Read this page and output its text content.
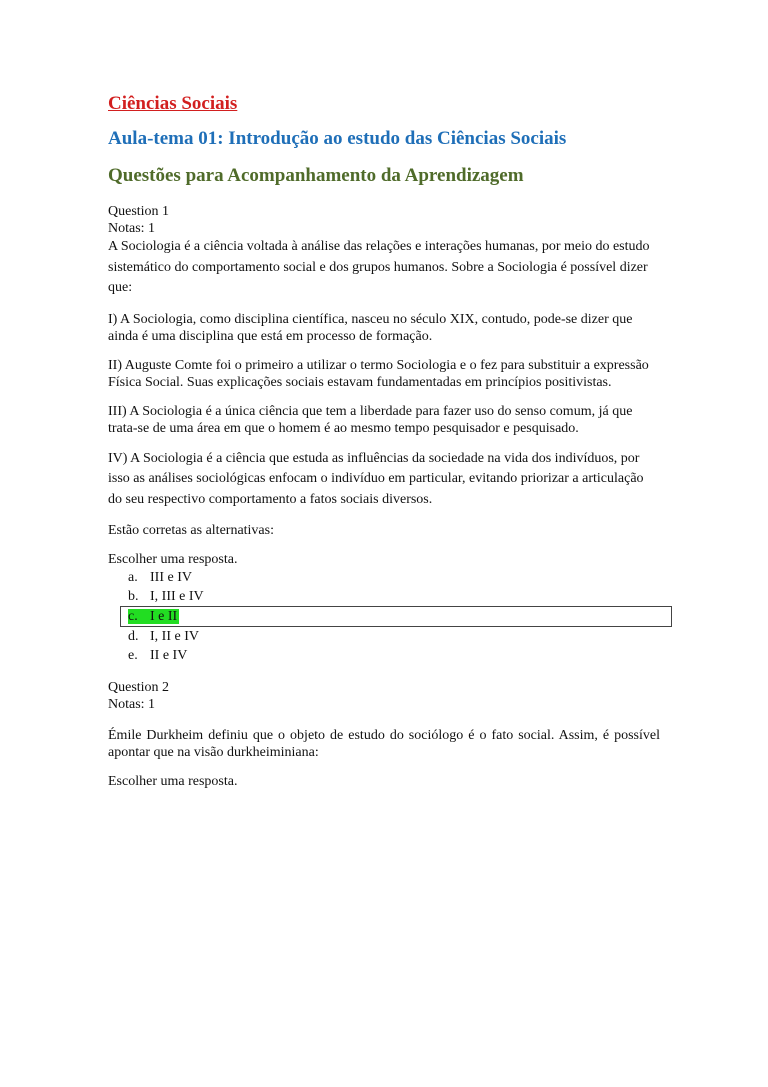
Ciências Sociais
Aula-tema 01: Introdução ao estudo das Ciências Sociais
Questões para Acompanhamento da Aprendizagem
Question 1
Notas: 1
A Sociologia é a ciência voltada à análise das relações e interações humanas, por meio do estudo sistemático do comportamento social e dos grupos humanos. Sobre a Sociologia é possível dizer que:
I) A Sociologia, como disciplina científica, nasceu no século XIX, contudo, pode-se dizer que ainda é uma disciplina que está em processo de formação.
II) Auguste Comte foi o primeiro a utilizar o termo Sociologia e o fez para substituir a expressão Física Social. Suas explicações sociais estavam fundamentadas em princípios positivistas.
III) A Sociologia é a única ciência que tem a liberdade para fazer uso do senso comum, já que trata-se de uma área em que o homem é ao mesmo tempo pesquisador e pesquisado.
IV) A Sociologia é a ciência que estuda as influências da sociedade na vida dos indivíduos, por isso as análises sociológicas enfocam o indivíduo em particular, evitando priorizar a articulação do seu respectivo comportamento a fatos sociais diversos.
Estão corretas as alternativas:
Escolher uma resposta.
a. III e IV
b. I, III e IV
c. I e II
d. I, II e IV
e. II e IV
Question 2
Notas: 1
Émile Durkheim definiu que o objeto de estudo do sociólogo é o fato social. Assim, é possível apontar que na visão durkheiminiana:
Escolher uma resposta.
